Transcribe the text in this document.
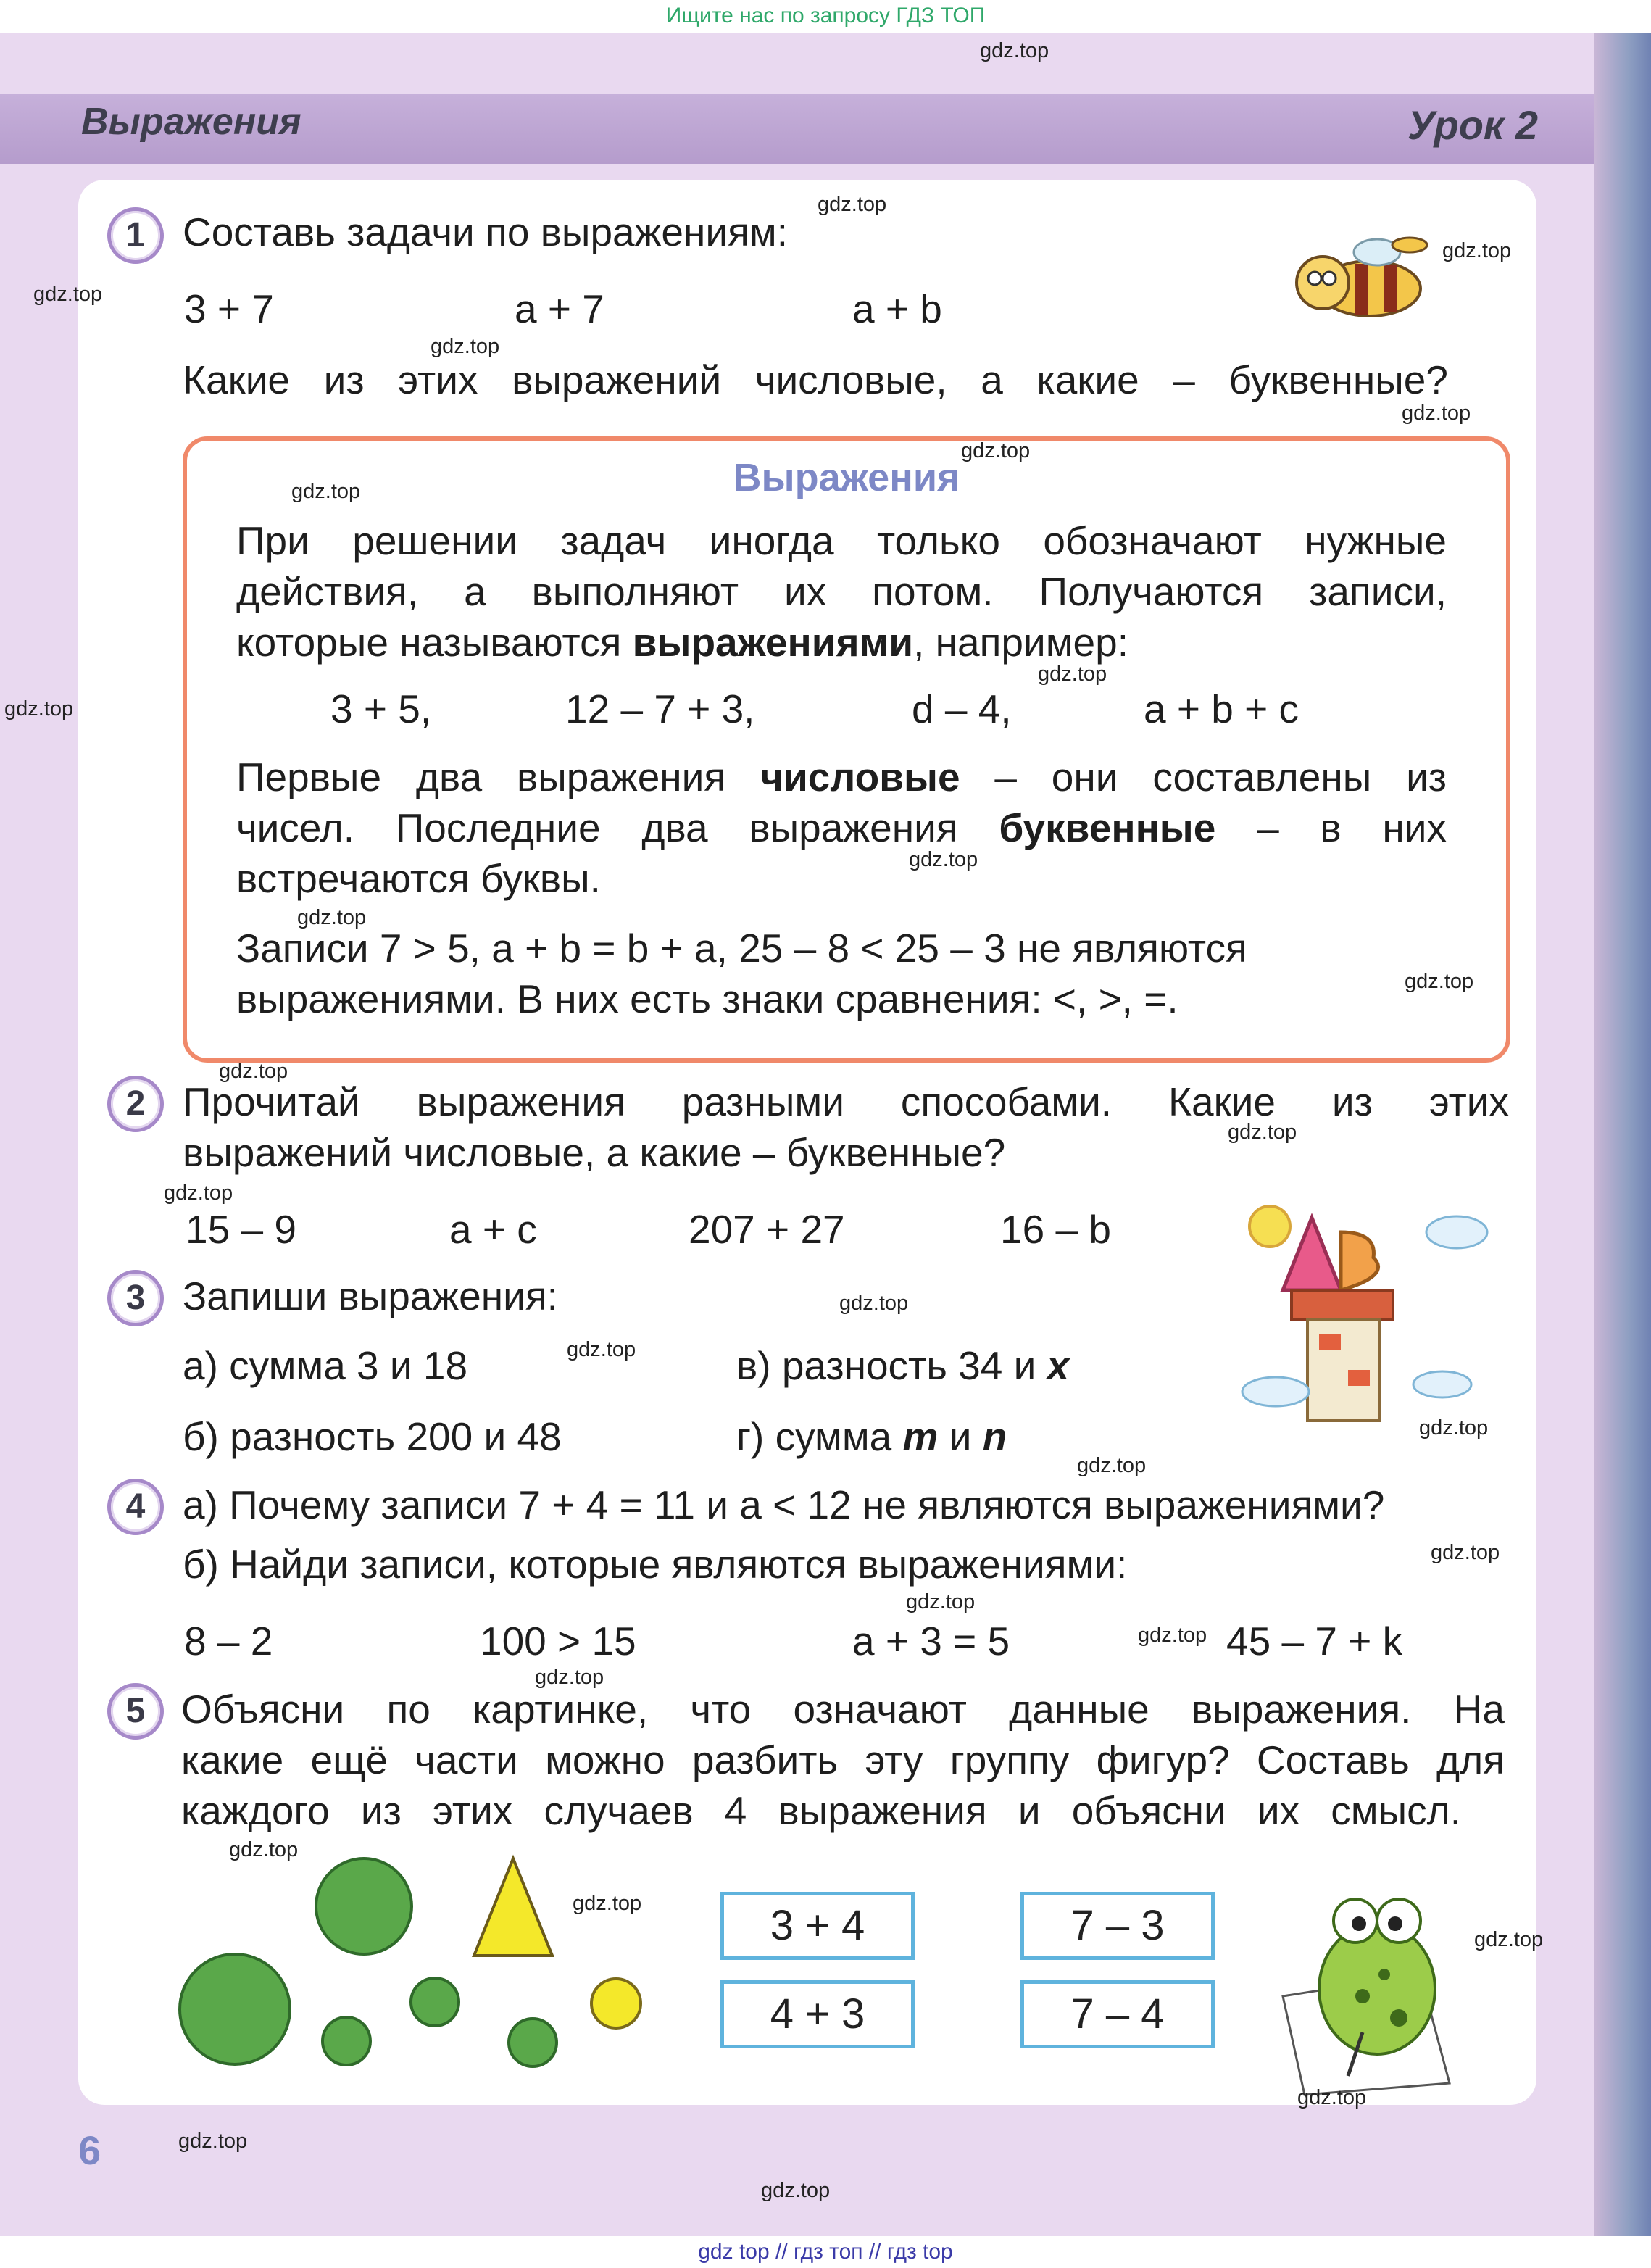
Ищите нас по запросу ГДЗ ТОП
Выражения	Урок 2
1 Составь задачи по выражениям:
3 + 7	a + 7	a + b
Какие из этих выражений числовые, а какие – буквенные?
Выражения
При решении задач иногда только обозначают нужные
действия, а выполняют их потом. Получаются записи,
которые называются выражениями, например:
3 + 5,	12 – 7 + 3,	d – 4,	a + b + c
Первые два выражения числовые – они составлены из
чисел. Последние два выражения буквенные – в них
встречаются буквы.
Записи 7 > 5, a + b = b + a, 25 – 8 < 25 – 3 не являются
выражениями. В них есть знаки сравнения: <, >, =.
2 Прочитай выражения разными способами. Какие из этих
выражений числовые, а какие – буквенные?
15 – 9	a + c	207 + 27	16 – b
3 Запиши выражения:
а) сумма 3 и 18
б) разность 200 и 48
в) разность 34 и x
г) сумма m и n
4 а) Почему записи 7 + 4 = 11 и a < 12 не являются выражениями?
б) Найди записи, которые являются выражениями:
8 – 2	100 > 15	a + 3 = 5	45 – 7 + k
5 Объясни по картинке, что означают данные выражения. На
какие ещё части можно разбить эту группу фигур? Составь для
каждого из этих случаев 4 выражения и объясни их смысл.
3 + 4
4 + 3
7 – 3
7 – 4
6
gdz.top
gdz.top
gdz.top
gdz.top
gdz.top
gdz.top
gdz.top
gdz.top
gdz.top
gdz.top
gdz.top
gdz.top
gdz.top
gdz.top
gdz.top
gdz.top
gdz.top
gdz.top
gdz.top
gdz.top
gdz.top
gdz.top
gdz.top
gdz.top
gdz.top
gdz.top
gdz.top
gdz.top
gdz.top
gdz.top
gdz top // гдз топ // гдз top
